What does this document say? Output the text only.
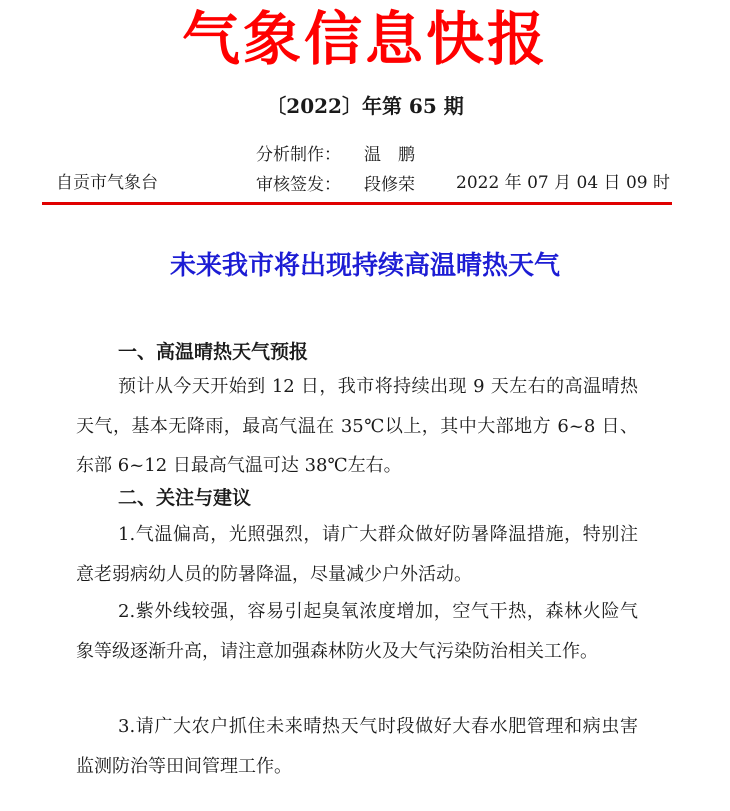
气象信息快报
〔2022〕年第 65 期
分析制作： 温　鹏
审核签发： 段修荣
自贡市气象台	2022 年 07 月 04 日 09 时
未来我市将出现持续高温晴热天气
一、高温晴热天气预报
预计从今天开始到 12 日，我市将持续出现 9 天左右的高温晴热天气，基本无降雨，最高气温在 35℃以上，其中大部地方 6~8 日、东部 6~12 日最高气温可达 38℃左右。
二、关注与建议
1.气温偏高，光照强烈，请广大群众做好防暑降温措施，特别注意老弱病幼人员的防暑降温，尽量减少户外活动。
2.紫外线较强，容易引起臭氧浓度增加，空气干热，森林火险气象等级逐渐升高，请注意加强森林防火及大气污染防治相关工作。
3.请广大农户抓住未来晴热天气时段做好大春水肥管理和病虫害监测防治等田间管理工作。
